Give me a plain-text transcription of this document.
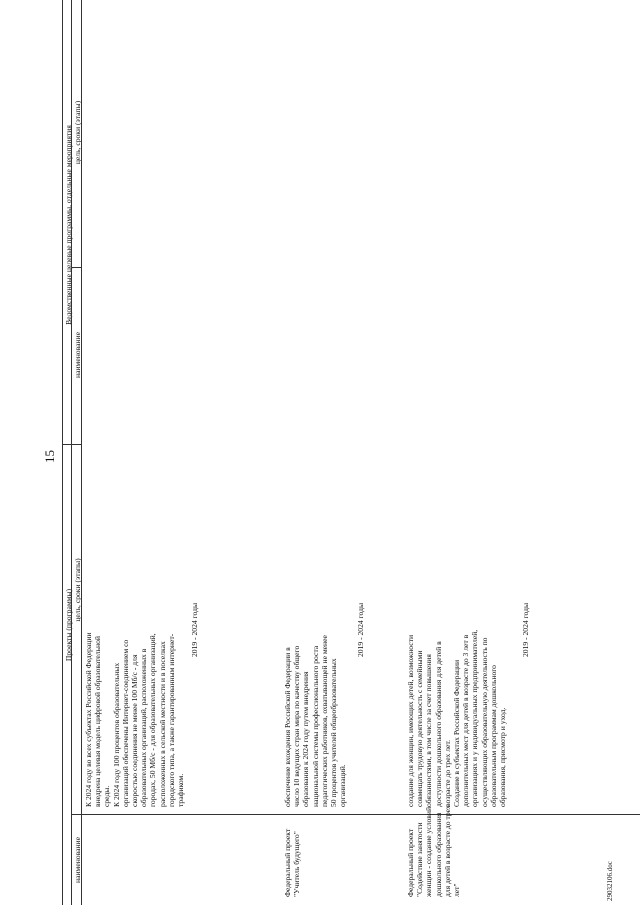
15
Проекты (программы)
наименование
цель, сроки (этапы)
Ведомственные целевые программы, отдельные мероприятия
наименование
цель, сроки (этапы)
К 2024 году во всех субъектах Российской Федерации внедрена целевая модель цифровой образовательной среды. К 2024 году 100 процентов образовательных организаций обеспечены Интернет-соединением со скоростью соединения не менее 100 Мб/с - для образовательных организаций, расположенных в городах, 50 Мб/с - для образовательных организаций, расположенных в сельской местности и в поселках городского типа, а также гарантированным интернет- трафиком.
2019 - 2024 годы
Федеральный проект "Учитель будущего"
обеспечение вхождения Российской Федерации в число 10 ведущих стран мира по качеству общего образования к 2024 году путем внедрения национальной системы профессионального роста педагогических работников, охватывающей не менее 50 процентов учителей общеобразовательных организаций.
2019 - 2024 годы
Федеральный проект "Содействие занятости женщин - создание условий дошкольного образования для детей в возрасте до трех лет"
создание для женщин, имеющих детей, возможности совмещать трудовую деятельность с семейными обязанностями, в том числе за счет повышения доступности дошкольного образования для детей в возрасте до трех лет. Создание в субъектах Российской Федерации дополнительных мест для детей в возрасте до 3 лет в организациях и у индивидуальных предпринимателей, осуществляющих образовательную деятельность по образовательным программам дошкольного образования, присмотр и уход.
2019 - 2024 годы
29032106.doc
